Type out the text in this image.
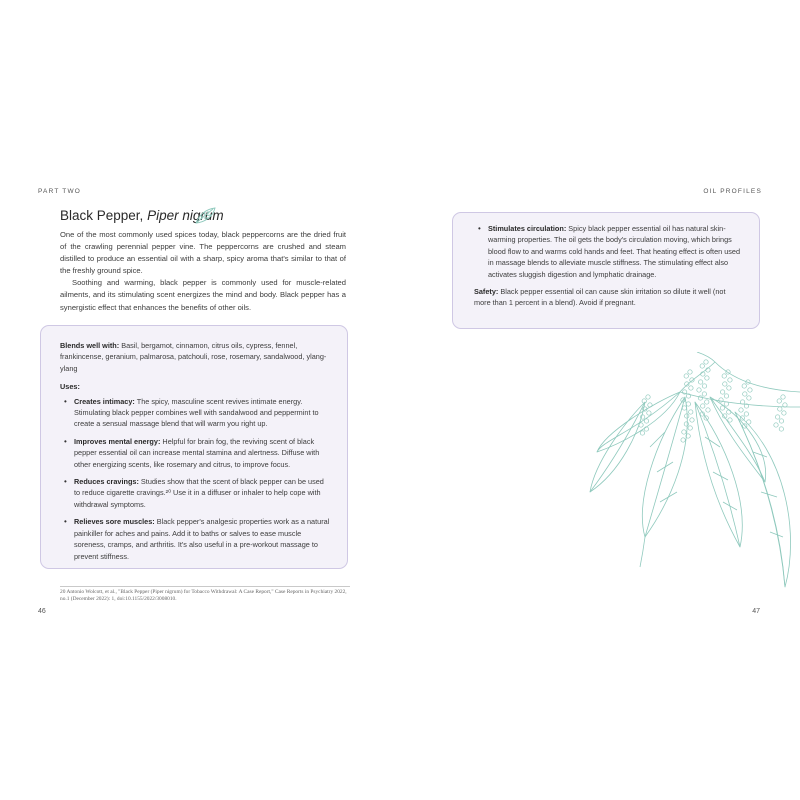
PART TWO	OIL PROFILES
Black Pepper, Piper nigrum

One of the most commonly used spices today, black peppercorns are the dried fruit of the crawling perennial pepper vine. The peppercorns are crushed and steam distilled to produce an essential oil with a sharp, spicy aroma that's similar to that of the freshly ground spice.

Soothing and warming, black pepper is commonly used for muscle-related ailments, and its stimulating scent energizes the mind and body. Black pepper has a synergistic effect that enhances the benefits of other oils.

Blends well with: Basil, bergamot, cinnamon, citrus oils, cypress, fennel, frankincense, geranium, palmarosa, patchouli, rose, rosemary, sandalwood, ylang-ylang

Uses:

• Creates intimacy: The spicy, masculine scent revives intimate energy. Stimulating black pepper combines well with sandalwood and peppermint to create a sensual massage blend that will warm you right up.
• Improves mental energy: Helpful for brain fog, the reviving scent of black pepper essential oil can increase mental stamina and alertness. Diffuse with other energizing scents, like rosemary and citrus, to improve focus.
• Reduces cravings: Studies show that the scent of black pepper can be used to reduce cigarette cravings.²⁰ Use it in a diffuser or inhaler to help cope with withdrawal symptoms.
• Relieves sore muscles: Black pepper's analgesic properties work as a natural painkiller for aches and pains. Add it to baths or salves to ease muscle soreness, cramps, and arthritis. It's also useful in a pre-workout massage to prevent stiffness.
• Stimulates circulation: Spicy black pepper essential oil has natural skin-warming properties. The oil gets the body's circulation moving, which brings blood flow to and warms cold hands and feet. That heating effect is often used in massage blends to alleviate muscle stiffness. The stimulating effect also activates sluggish digestion and lymphatic drainage.

Safety: Black pepper essential oil can cause skin irritation so dilute it well (not more than 1 percent in a blend). Avoid if pregnant.

20 Antonio Wolcott, et al., "Black Pepper (Piper nigrum) for Tobacco Withdrawal: A Case Report," Case Reports in Psychiatry 2022, no.1 (December 2022): 1, doi:10.1155/2022/3008010.
46	47
